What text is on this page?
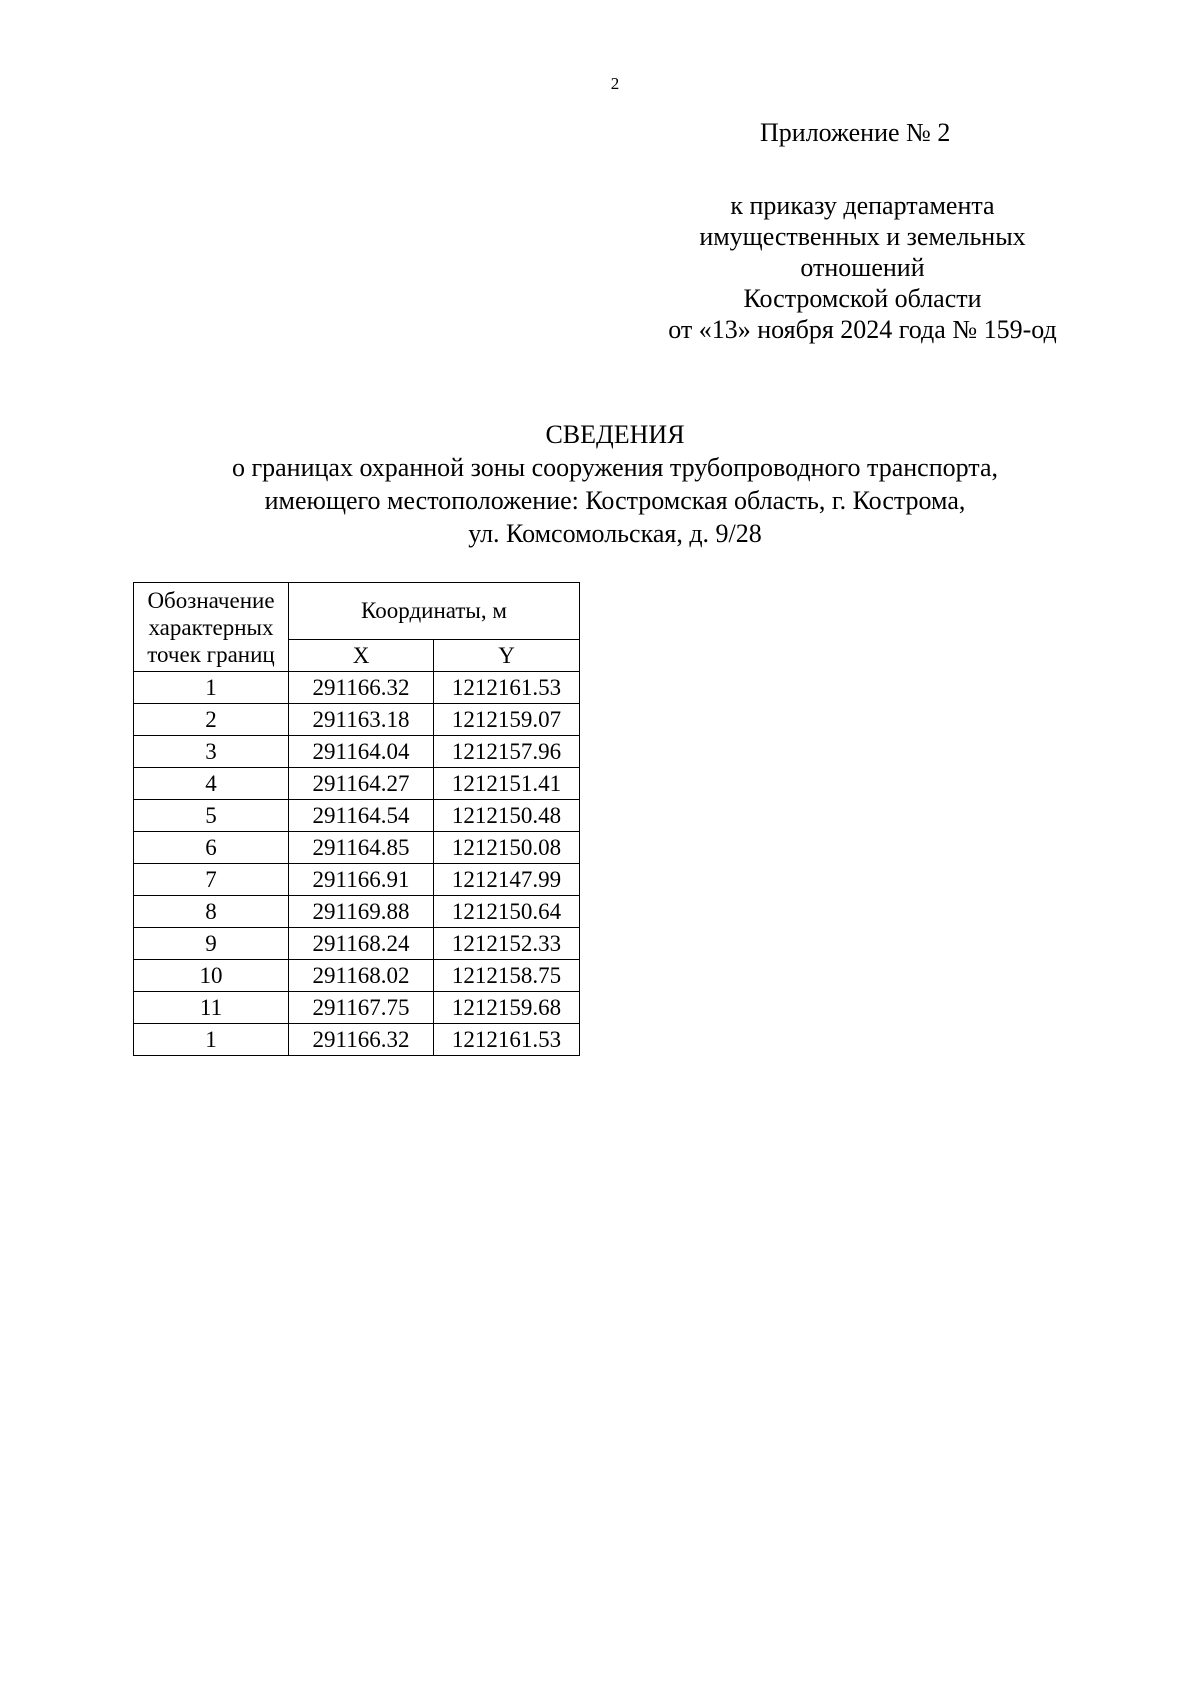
2
Приложение № 2
к приказу департамента
имущественных и земельных
отношений
Костромской области
от «13» ноября 2024 года № 159-од
СВЕДЕНИЯ
о границах охранной зоны сооружения трубопроводного транспорта,
имеющего местоположение: Костромская область, г. Кострома,
ул. Комсомольская, д. 9/28
Обозначение
характерных
точек границ	Координаты, м	
	X	Y
1	291166.32	1212161.53
2	291163.18	1212159.07
3	291164.04	1212157.96
4	291164.27	1212151.41
5	291164.54	1212150.48
6	291164.85	1212150.08
7	291166.91	1212147.99
8	291169.88	1212150.64
9	291168.24	1212152.33
10	291168.02	1212158.75
11	291167.75	1212159.68
1	291166.32	1212161.53
